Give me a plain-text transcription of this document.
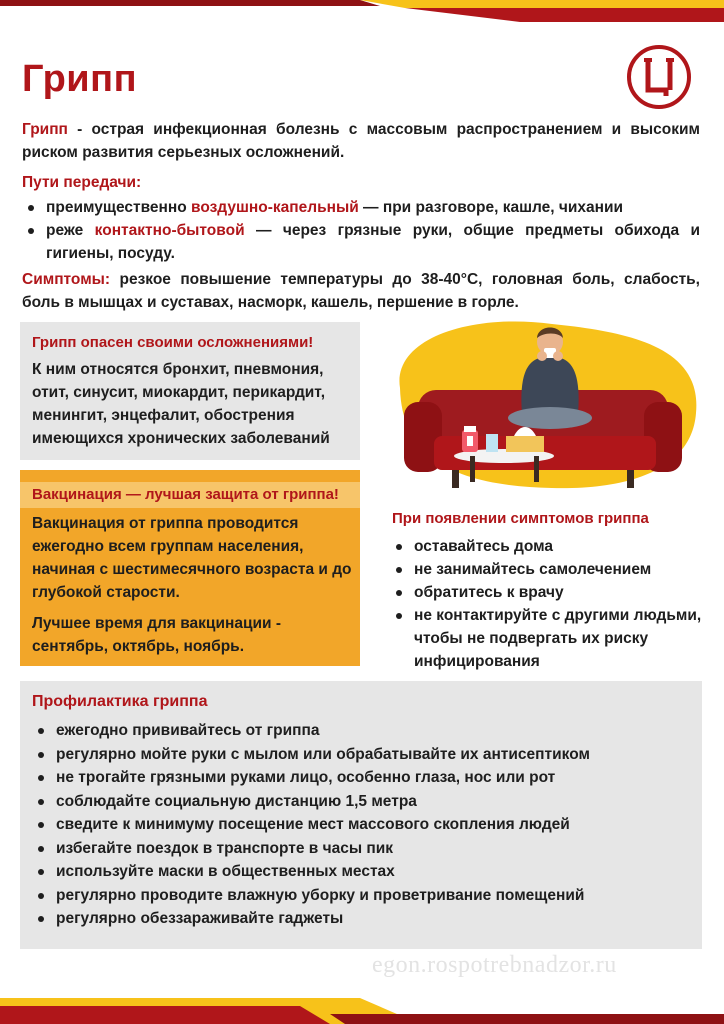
Грипп
Грипп - острая инфекционная болезнь с массовым распространением и высоким риском развития серьезных осложнений.
Пути передачи:
преимущественно воздушно-капельный — при разговоре, кашле, чихании
реже контактно-бытовой — через грязные руки, общие предметы обихода и гигиены, посуду.
Симптомы: резкое повышение температуры до 38-40°С, головная боль, слабость, боль в мышцах и суставах, насморк, кашель, першение в горле.
Грипп опасен своими осложнениями!
К ним относятся бронхит, пневмония, отит, синусит, миокардит, перикардит, менингит, энцефалит, обострения имеющихся хронических заболеваний
Вакцинация — лучшая защита от гриппа!
Вакцинация от гриппа проводится ежегодно всем группам населения, начиная с шестимесячного возраста и до глубокой старости.
Лучшее время для вакцинации - сентябрь, октябрь, ноябрь.
При появлении симптомов гриппа
оставайтесь дома
не занимайтесь самолечением
обратитесь к врачу
не контактируйте с другими людьми, чтобы не подвергать их риску инфицирования
Профилактика гриппа
ежегодно прививайтесь от гриппа
регулярно мойте руки с мылом или обрабатывайте их антисептиком
не трогайте грязными руками лицо, особенно глаза, нос или рот
соблюдайте социальную дистанцию 1,5 метра
сведите к минимуму посещение мест массового скопления людей
избегайте поездок в транспорте в часы пик
используйте маски в общественных местах
регулярно проводите влажную уборку и проветривание помещений
регулярно обеззараживайте гаджеты
egon.rospotrebnadzor.ru
